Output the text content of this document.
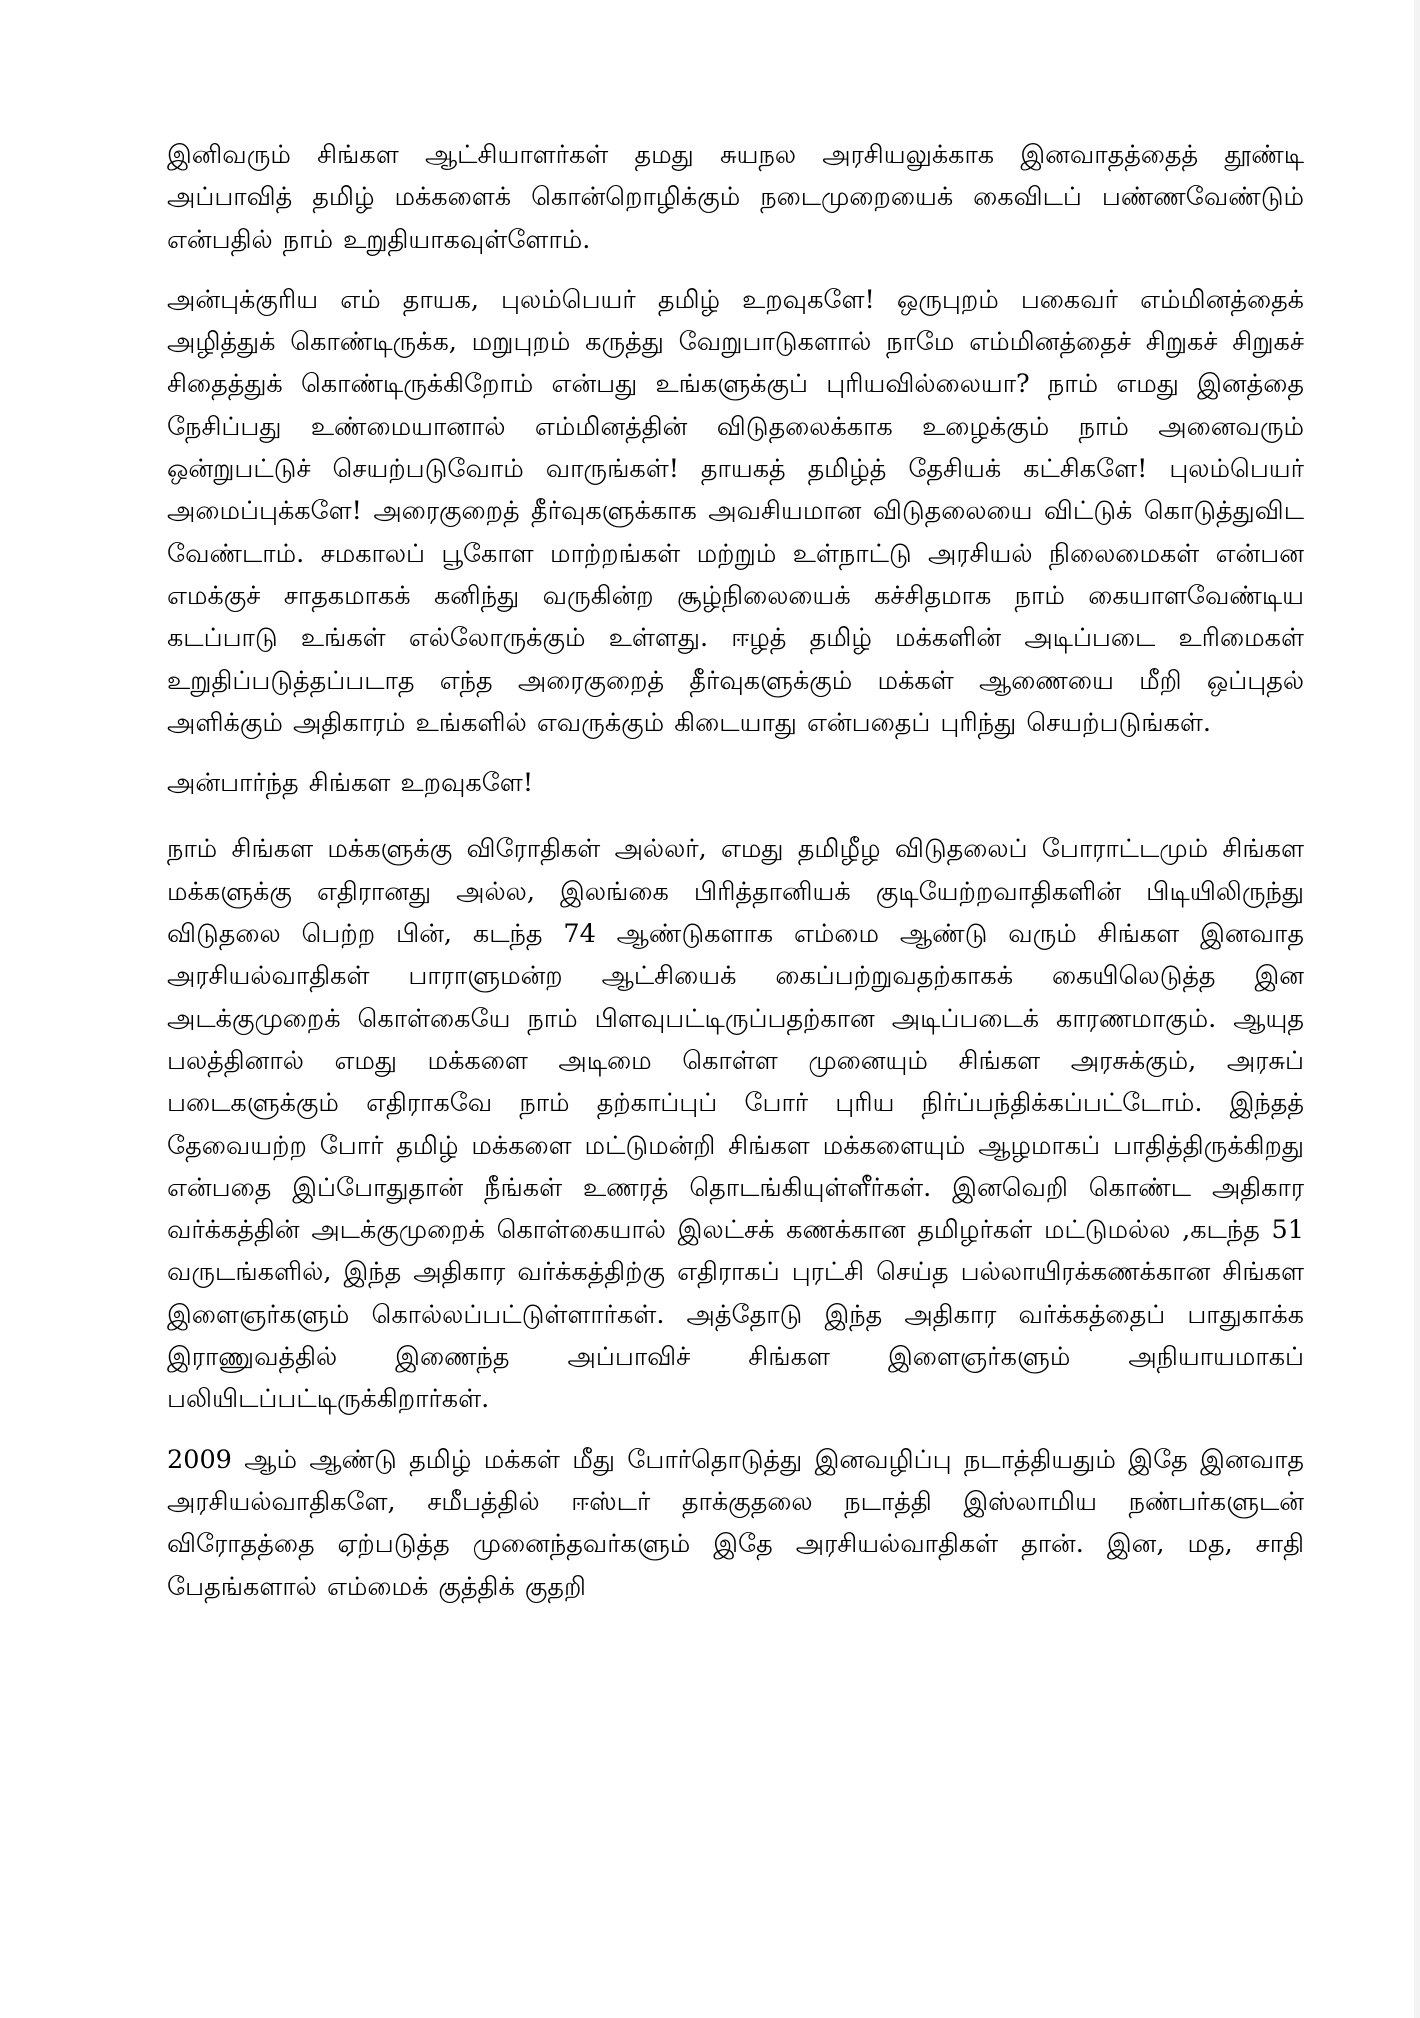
இனிவரும் சிங்கள ஆட்சியாளர்கள் தமது சுயநல அரசியலுக்காக இனவாதத்தைத் தூண்டி அப்பாவித் தமிழ் மக்களைக் கொன்றொழிக்கும் நடைமுறையைக் கைவிடப் பண்ணவேண்டும் என்பதில் நாம் உறுதியாகவுள்ளோம்.

அன்புக்குரிய எம் தாயக, புலம்பெயர் தமிழ் உறவுகளே! ஒருபுறம் பகைவர் எம்மினத்தைக் அழித்துக் கொண்டிருக்க, மறுபுறம் கருத்து வேறுபாடுகளால் நாமே எம்மினத்தைச் சிறுகச் சிறுகச் சிதைத்துக் கொண்டிருக்கிறோம் என்பது உங்களுக்குப் புரியவில்லையா? நாம் எமது இனத்தை நேசிப்பது உண்மையானால் எம்மினத்தின் விடுதலைக்காக உழைக்கும் நாம் அனைவரும் ஒன்றுபட்டுச் செயற்படுவோம் வாருங்கள்! தாயகத் தமிழ்த் தேசியக் கட்சிகளே! புலம்பெயர் அமைப்புக்களே! அரைகுறைத் தீர்வுகளுக்காக அவசியமான விடுதலையை விட்டுக் கொடுத்துவிட வேண்டாம். சமகாலப் பூகோள மாற்றங்கள் மற்றும் உள்நாட்டு அரசியல் நிலைமைகள் என்பன எமக்குச் சாதகமாகக் கனிந்து வருகின்ற சூழ்நிலையைக் கச்சிதமாக நாம் கையாளவேண்டிய கடப்பாடு உங்கள் எல்லோருக்கும் உள்ளது. ஈழத் தமிழ் மக்களின் அடிப்படை உரிமைகள் உறுதிப்படுத்தப்படாத எந்த அரைகுறைத் தீர்வுகளுக்கும் மக்கள் ஆணையை மீறி ஒப்புதல் அளிக்கும் அதிகாரம் உங்களில் எவருக்கும் கிடையாது என்பதைப் புரிந்து செயற்படுங்கள்.

அன்பார்ந்த சிங்கள உறவுகளே!

நாம் சிங்கள மக்களுக்கு விரோதிகள் அல்லர், எமது தமிழீழ விடுதலைப் போராட்டமும் சிங்கள மக்களுக்கு எதிரானது அல்ல, இலங்கை பிரித்தானியக் குடியேற்றவாதிகளின் பிடியிலிருந்து விடுதலை பெற்ற பின், கடந்த 74 ஆண்டுகளாக எம்மை ஆண்டு வரும் சிங்கள இனவாத அரசியல்வாதிகள் பாராளுமன்ற ஆட்சியைக் கைப்பற்றுவதற்காகக் கையிலெடுத்த இன அடக்குமுறைக் கொள்கையே நாம் பிளவுபட்டிருப்பதற்கான அடிப்படைக் காரணமாகும். ஆயுத பலத்தினால் எமது மக்களை அடிமை கொள்ள முனையும் சிங்கள அரசுக்கும், அரசுப் படைகளுக்கும் எதிராகவே நாம் தற்காப்புப் போர் புரிய நிர்ப்பந்திக்கப்பட்டோம். இந்தத் தேவையற்ற போர் தமிழ் மக்களை மட்டுமன்றி சிங்கள மக்களையும் ஆழமாகப் பாதித்திருக்கிறது என்பதை இப்போதுதான் நீங்கள் உணரத் தொடங்கியுள்ளீர்கள். இனவெறி கொண்ட அதிகார வர்க்கத்தின் அடக்குமுறைக் கொள்கையால் இலட்சக் கணக்கான தமிழர்கள் மட்டுமல்ல ,கடந்த 51 வருடங்களில், இந்த அதிகார வர்க்கத்திற்கு எதிராகப் புரட்சி செய்த பல்லாயிரக்கணக்கான சிங்கள இளைஞர்களும் கொல்லப்பட்டுள்ளார்கள். அத்தோடு இந்த அதிகார வர்க்கத்தைப் பாதுகாக்க இராணுவத்தில் இணைந்த அப்பாவிச் சிங்கள இளைஞர்களும் அநியாயமாகப் பலியிடப்பட்டிருக்கிறார்கள்.

2009 ஆம் ஆண்டு தமிழ் மக்கள் மீது போர்தொடுத்து இனவழிப்பு நடாத்தியதும் இதே இனவாத அரசியல்வாதிகளே, சமீபத்தில் ஈஸ்டர் தாக்குதலை நடாத்தி இஸ்லாமிய நண்பர்களுடன் விரோதத்தை ஏற்படுத்த முனைந்தவர்களும் இதே அரசியல்வாதிகள் தான். இன, மத, சாதி பேதங்களால் எம்மைக் குத்திக் குதறி
